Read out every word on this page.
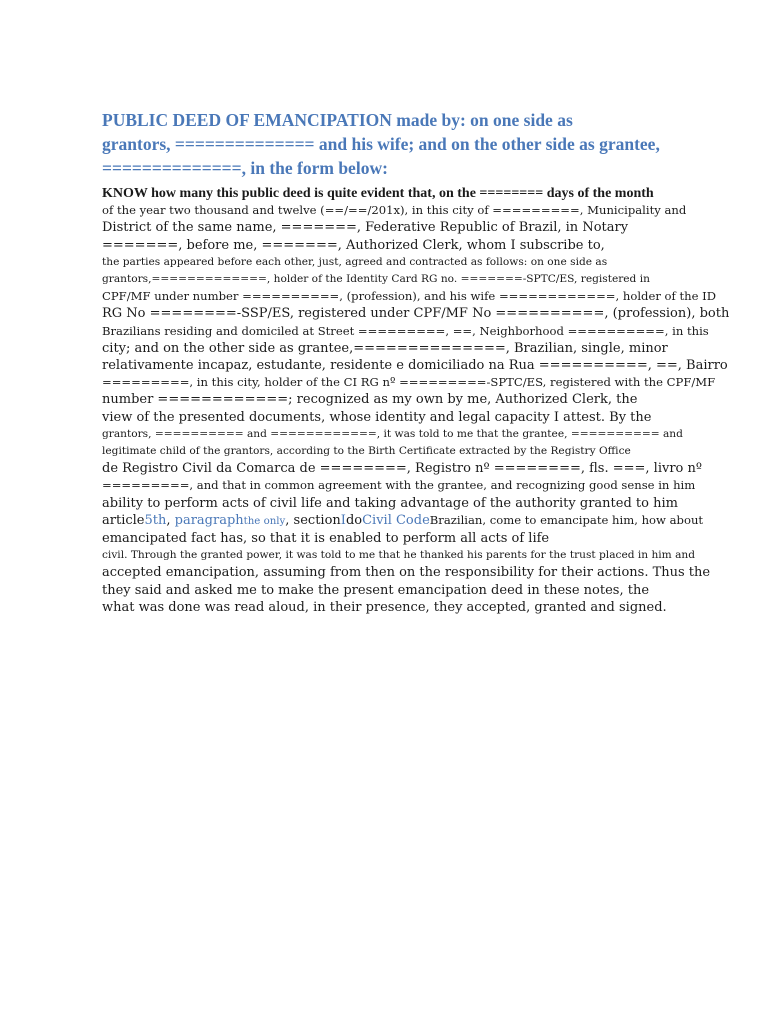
PUBLIC DEED OF EMANCIPATION made by: on one side as
grantors, ============== and his wife; and on the other side as grantee,
==============, in the form below:
KNOW how many this public deed is quite evident that, on the ======== days of the month
of the year two thousand and twelve (==/==/201x), in this city of =========, Municipality and
District of the same name, =======, Federative Republic of Brazil, in Notary
=======, before me, =======, Authorized Clerk, whom I subscribe to,
the parties appeared before each other, just, agreed and contracted as follows: on one side as
grantors,=============, holder of the Identity Card RG no. =======-SPTC/ES, registered in
CPF/MF under number ==========, (profession), and his wife ============, holder of the ID
RG No ========-SSP/ES, registered under CPF/MF No ==========, (profession), both
Brazilians residing and domiciled at Street =========, ==, Neighborhood ==========, in this
city; and on the other side as grantee,==============, Brazilian, single, minor
relativamente incapaz, estudante, residente e domiciliado na Rua ==========, ==, Bairro
=========, in this city, holder of the CI RG nº =========-SPTC/ES, registered with the CPF/MF
number ============; recognized as my own by me, Authorized Clerk, the
view of the presented documents, whose identity and legal capacity I attest. By the
grantors, ========== and ============, it was told to me that the grantee, ========== and
legitimate child of the grantors, according to the Birth Certificate extracted by the Registry Office
de Registro Civil da Comarca de ========, Registro nº ========, fls. ===, livro nº
=========, and that in common agreement with the grantee, and recognizing good sense in him
ability to perform acts of civil life and taking advantage of the authority granted to him
article5th, paragraphthe only, sectionIdoCivil CodeBrazilian, come to emancipate him, how about
emancipated fact has, so that it is enabled to perform all acts of life
civil. Through the granted power, it was told to me that he thanked his parents for the trust placed in him and
accepted emancipation, assuming from then on the responsibility for their actions. Thus the
they said and asked me to make the present emancipation deed in these notes, the
what was done was read aloud, in their presence, they accepted, granted and signed.
